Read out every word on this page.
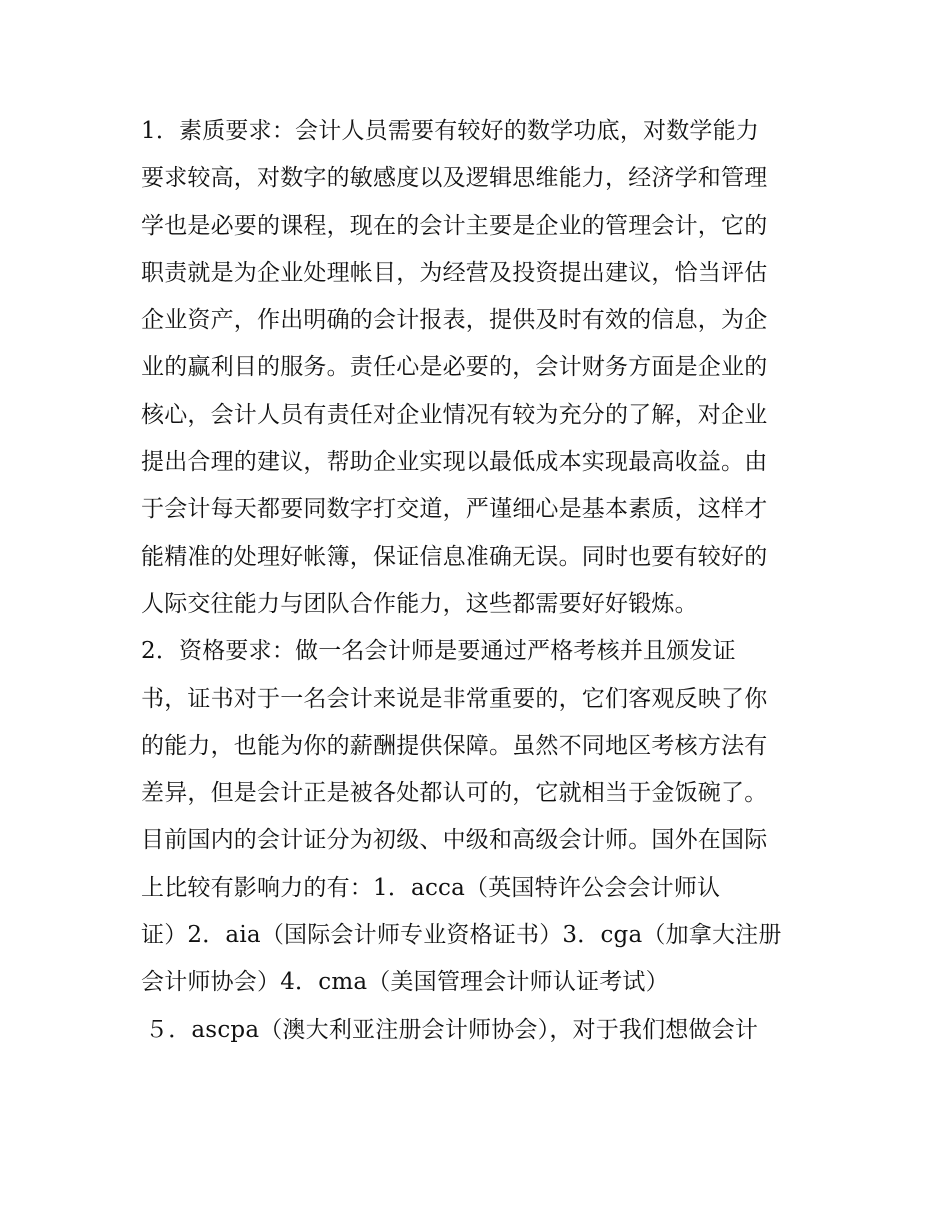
1．素质要求：会计人员需要有较好的数学功底，对数学能力
要求较高，对数字的敏感度以及逻辑思维能力，经济学和管理
学也是必要的课程，现在的会计主要是企业的管理会计，它的
职责就是为企业处理帐目，为经营及投资提出建议，恰当评估
企业资产，作出明确的会计报表，提供及时有效的信息，为企
业的赢利目的服务。责任心是必要的，会计财务方面是企业的
核心，会计人员有责任对企业情况有较为充分的了解，对企业
提出合理的建议，帮助企业实现以最低成本实现最高收益。由
于会计每天都要同数字打交道，严谨细心是基本素质，这样才
能精准的处理好帐簿，保证信息准确无误。同时也要有较好的
人际交往能力与团队合作能力，这些都需要好好锻炼。
2．资格要求：做一名会计师是要通过严格考核并且颁发证
书，证书对于一名会计来说是非常重要的，它们客观反映了你
的能力，也能为你的薪酬提供保障。虽然不同地区考核方法有
差异，但是会计正是被各处都认可的，它就相当于金饭碗了。
目前国内的会计证分为初级、中级和高级会计师。国外在国际
上比较有影响力的有：1．acca（英国特许公会会计师认
证）2．aia（国际会计师专业资格证书）3．cga（加拿大注册
会计师协会）4．cma（美国管理会计师认证考试）
５．ascpa（澳大利亚注册会计师协会），对于我们想做会计
